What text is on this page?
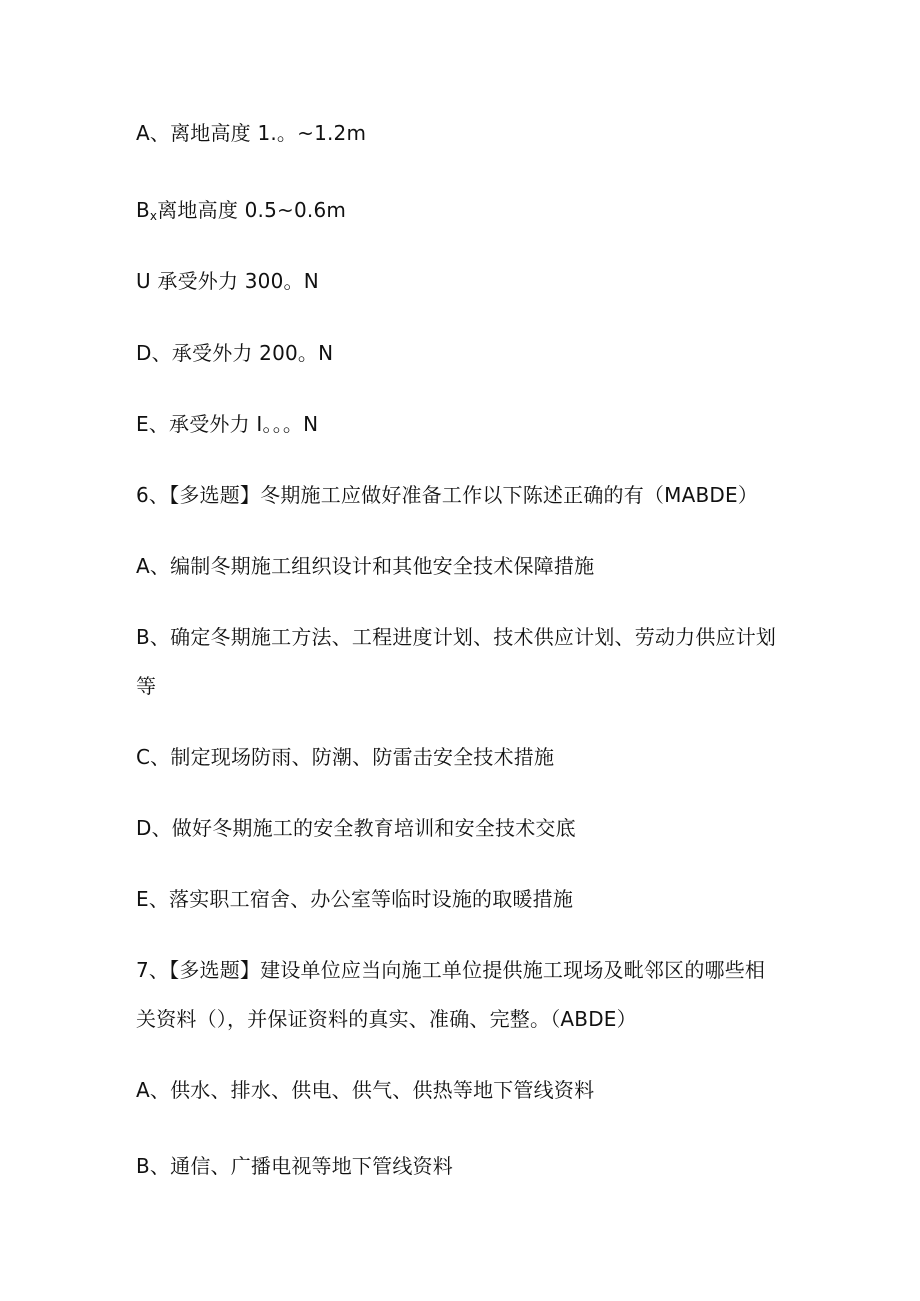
A、离地高度 1.。~1.2m
$B_x$离地高度 0.5~0.6m
U 承受外力 300。N
D、承受外力 200。N
E、承受外力 I。。。N
6、【多选题】冬期施工应做好准备工作以下陈述正确的有（MABDE）
A、编制冬期施工组织设计和其他安全技术保障措施
B、确定冬期施工方法、工程进度计划、技术供应计划、劳动力供应计划
等
C、制定现场防雨、防潮、防雷击安全技术措施
D、做好冬期施工的安全教育培训和安全技术交底
E、落实职工宿舍、办公室等临时设施的取暖措施
7、【多选题】建设单位应当向施工单位提供施工现场及毗邻区的哪些相
关资料（），并保证资料的真实、准确、完整。（ABDE）
A、供水、排水、供电、供气、供热等地下管线资料
B、通信、广播电视等地下管线资料
